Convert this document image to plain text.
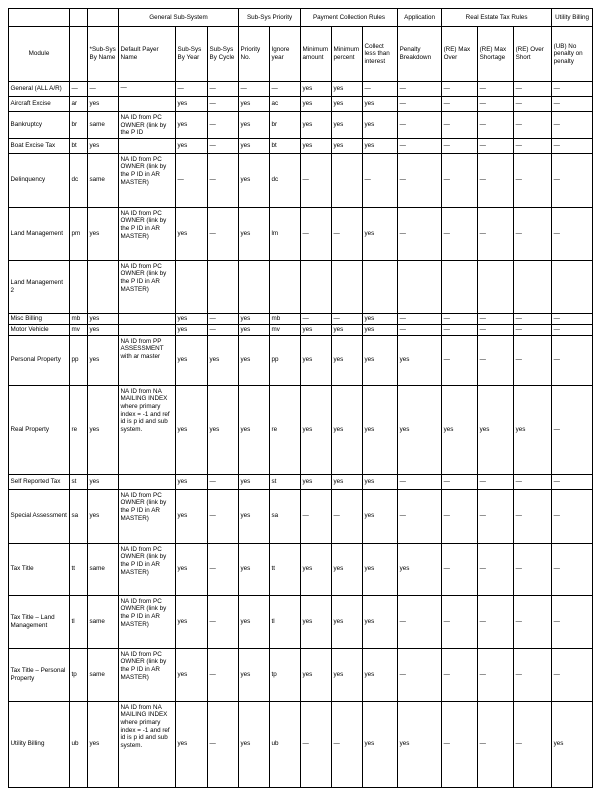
			General Sub-System			Sub-Sys Priority		Payment Collection Rules			Application	Real Estate Tax Rules			Utility Billing
Module		*Sub-Sys By Name	Default Payer Name	Sub-Sys By Year	Sub-Sys By Cycle	Priority No.	Ignore year	Minimum amount	Minimum percent	Collect less than interest	Penalty Breakdown	(RE) Max Over	(RE) Max Shortage	(RE) Over Short	(UB) No penalty on penalty
General (ALL A/R)	—	—	—	—	—	—	—	yes	yes	—	—	—	—	—	—
Aircraft Excise	ar	yes		yes	—	yes	ac	yes	yes	yes	—	—	—	—	—
Bankruptcy	br	same	NA ID from PC OWNER (link by the P ID	yes	—	yes	br	yes	yes	yes	—	—	—	—	—
Boat Excise Tax	bt	yes		yes	—	yes	bt	yes	yes	yes	—	—	—	—	—
Delinquency	dc	same	NA ID from PC OWNER (link by the P ID in AR MASTER)	—	—	yes	dc	—		—	—	—	—	—	—
Land Management	pm	yes	NA ID from PC OWNER (link by the P ID in AR MASTER)	yes	—	yes	lm	—	—	yes	—	—	—	—	—
Land Management 2			NA ID from PC OWNER (link by the P ID in AR MASTER)												
Misc Billing	mb	yes		yes	—	yes	mb	—	—	yes	—	—	—	—	—
Motor Vehicle	mv	yes		yes	—	yes	mv	yes	yes	yes	—	—	—	—	—
Personal Property	pp	yes	NA ID from PP ASSESSMENT with ar master	yes	yes	yes	pp	yes	yes	yes	yes	—	—	—	—
Real Property	re	yes	NA ID from NA MAILING INDEX where primary index = -1 and ref id is p id and sub system.	yes	yes	yes	re	yes	yes	yes	yes	yes	yes	yes	—
Self Reported Tax	st	yes		yes	—	yes	st	yes	yes	yes	—	—	—	—	—
Special Assessment	sa	yes	NA ID from PC OWNER (link by the P ID in AR MASTER)	yes	—	yes	sa	—	—	yes	—	—	—	—	—
Tax Title	tt	same	NA ID from PC OWNER (link by the P ID in AR MASTER)	yes	—	yes	tt	yes	yes	yes	yes	—	—	—	—
Tax Title – Land Management	tl	same	NA ID from PC OWNER (link by the P ID in AR MASTER)	yes	—	yes	tl	yes	yes	yes	—	—	—	—	—
Tax Title – Personal Property	tp	same	NA ID from PC OWNER (link by the P ID in AR MASTER)	yes	—	yes	tp	yes	yes	yes	—	—	—	—	—
Utility Billing	ub	yes	NA ID from NA MAILING INDEX where primary index = -1 and ref id is p id and sub system.	yes	—	yes	ub	—	—	yes	yes	—	—	—	yes
